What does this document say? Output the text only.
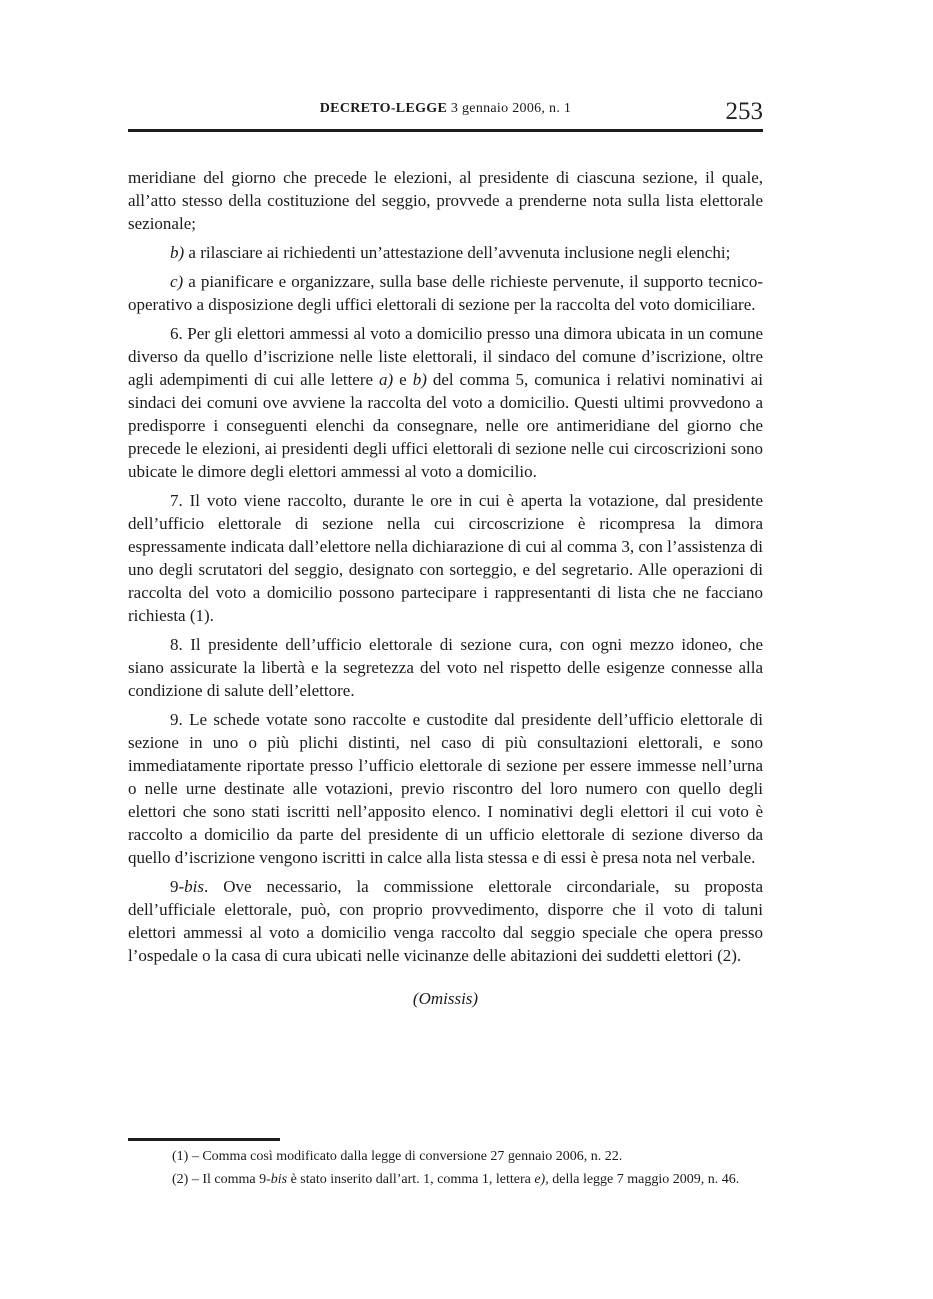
DECRETO-LEGGE 3 gennaio 2006, n. 1	253

meridiane del giorno che precede le elezioni, al presidente di ciascuna sezione, il quale, all’atto stesso della costituzione del seggio, provvede a prenderne nota sulla lista elettorale sezionale;

b) a rilasciare ai richiedenti un’attestazione dell’avvenuta inclusione negli elenchi;

c) a pianificare e organizzare, sulla base delle richieste pervenute, il supporto tecnico-operativo a disposizione degli uffici elettorali di sezione per la raccolta del voto domiciliare.

6. Per gli elettori ammessi al voto a domicilio presso una dimora ubicata in un comune diverso da quello d’iscrizione nelle liste elettorali, il sindaco del comune d’iscrizione, oltre agli adempimenti di cui alle lettere a) e b) del comma 5, comunica i relativi nominativi ai sindaci dei comuni ove avviene la raccolta del voto a domicilio. Questi ultimi provvedono a predisporre i conseguenti elenchi da consegnare, nelle ore antimeridiane del giorno che precede le elezioni, ai presidenti degli uffici elettorali di sezione nelle cui circoscrizioni sono ubicate le dimore degli elettori ammessi al voto a domicilio.

7. Il voto viene raccolto, durante le ore in cui è aperta la votazione, dal presidente dell’ufficio elettorale di sezione nella cui circoscrizione è ricompresa la dimora espressamente indicata dall’elettore nella dichiarazione di cui al comma 3, con l’assistenza di uno degli scrutatori del seggio, designato con sorteggio, e del segretario. Alle operazioni di raccolta del voto a domicilio possono partecipare i rappresentanti di lista che ne facciano richiesta (1).

8. Il presidente dell’ufficio elettorale di sezione cura, con ogni mezzo idoneo, che siano assicurate la libertà e la segretezza del voto nel rispetto delle esigenze connesse alla condizione di salute dell’elettore.

9. Le schede votate sono raccolte e custodite dal presidente dell’ufficio elettorale di sezione in uno o più plichi distinti, nel caso di più consultazioni elettorali, e sono immediatamente riportate presso l’ufficio elettorale di sezione per essere immesse nell’urna o nelle urne destinate alle votazioni, previo riscontro del loro numero con quello degli elettori che sono stati iscritti nell’apposito elenco. I nominativi degli elettori il cui voto è raccolto a domicilio da parte del presidente di un ufficio elettorale di sezione diverso da quello d’iscrizione vengono iscritti in calce alla lista stessa e di essi è presa nota nel verbale.

9-bis. Ove necessario, la commissione elettorale circondariale, su proposta dell’ufficiale elettorale, può, con proprio provvedimento, disporre che il voto di taluni elettori ammessi al voto a domicilio venga raccolto dal seggio speciale che opera presso l’ospedale o la casa di cura ubicati nelle vicinanze delle abitazioni dei suddetti elettori (2).

(Omissis)

(1) – Comma così modificato dalla legge di conversione 27 gennaio 2006, n. 22.

(2) – Il comma 9-bis è stato inserito dall’art. 1, comma 1, lettera e), della legge 7 maggio 2009, n. 46.
